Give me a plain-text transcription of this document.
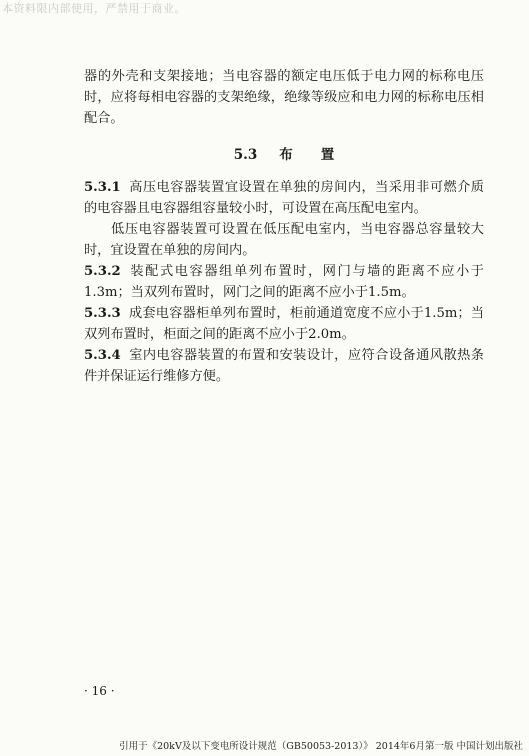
本资料限内部使用，严禁用于商业。

器的外壳和支架接地；当电容器的额定电压低于电力网的标称电压时，应将每相电容器的支架绝缘，绝缘等级应和电力网的标称电压相配合。

5.3 布 置

5.3.1 高压电容器装置宜设置在单独的房间内，当采用非可燃介质的电容器且电容器组容量较小时，可设置在高压配电室内。

低压电容器装置可设置在低压配电室内，当电容器总容量较大时，宜设置在单独的房间内。

5.3.2 装配式电容器组单列布置时，网门与墙的距离不应小于1.3m；当双列布置时，网门之间的距离不应小于1.5m。

5.3.3 成套电容器柜单列布置时，柜前通道宽度不应小于1.5m；当双列布置时，柜面之间的距离不应小于2.0m。

5.3.4 室内电容器装置的布置和安装设计，应符合设备通风散热条件并保证运行维修方便。

· 16 ·
引用于《20kV及以下变电所设计规范（GB50053-2013）》 2014年6月第一版 中国计划出版社
